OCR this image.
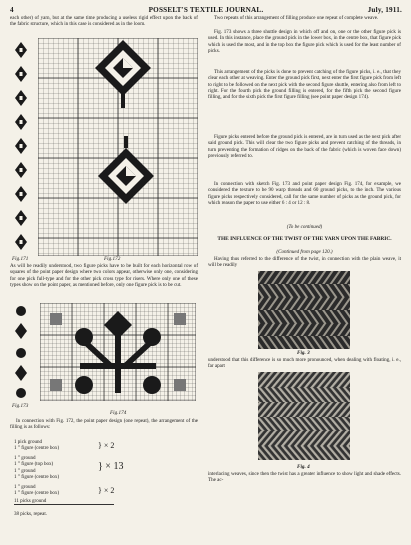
4	POSSELT'S TEXTILE JOURNAL.	July, 1911.

each other) of yarn, but at the same time producing a useless rigid effect upon the back of the fabric structure, which in this case is considered as in the loom.

Fig.171	Fig.172

As will be readily understood, two figure picks have to be built for each horizontal row of squares of the point paper design where two colors appear, otherwise only one, considering for one pick full-type and for the other pick cross type for risers. Where only one of these types show on the point paper, as mentioned before, only one figure pick is to be cut.

Fig.173
Fig.174

In connection with Fig. 172, the point paper design (one repeat), the arrangement of the filling is as follows:

1 pick ground
1 ” figure (centre box)	} × 2
1 ” ground
1 ” figure (top box)
1 ” ground
1 ” figure (centre box)
} × 13
1 ” ground
1 ” figure (centre box)	} × 2
11 picks ground
38 picks, repeat.

Two repeats of this arrangement of filling produce one repeat of complete weave.

Fig. 173 shows a three shuttle design in which off and on, one or the other figure pick is used. In this instance, place the ground pick in the lower box, in the centre box, that figure pick which is used the most, and in the top box the figure pick which is used for the least number of picks.

This arrangement of the picks is done to prevent catching of the figure picks, i. e., that they clear each other at weaving. Enter the ground pick first, next enter the first figure pick from left to right to be followed on the next pick with the second figure shuttle, entering also from left to right. For the fourth pick the ground filling is entered, for the fifth pick the second figure filling, and for the sixth pick the first figure filling (see point paper design 174).

Figure picks entered before the ground pick is entered, are in turn used as the next pick after said ground pick. This will clear the two figure picks and prevent catching of the threads, in turn preventing the formation of ridges on the back of the fabric (which is woven face down) previously referred to.

In connection with sketch Fig. 173 and point paper design Fig. 174, for example, we considered the texture to be 90 warp threads and 60 ground picks, to the inch. The various figure picks respectively considered, call for the same number of picks as the ground pick, for which reason the paper to use either 6 : 4 or 12 : 8.

(To be continued)
THE INFLUENCE OF THE TWIST OF THE YARN UPON THE FABRIC.
(Continued from page 120.)

Having thus referred to the difference of the twist, in connection with the plain weave, it will be readily

Fig. 3

understood that this difference is so much more pronounced, when dealing with floating, i. e., far apart

Fig. 4

interlacing weaves, since then the twist has a greater influence to show light and shade effects. The ac-
